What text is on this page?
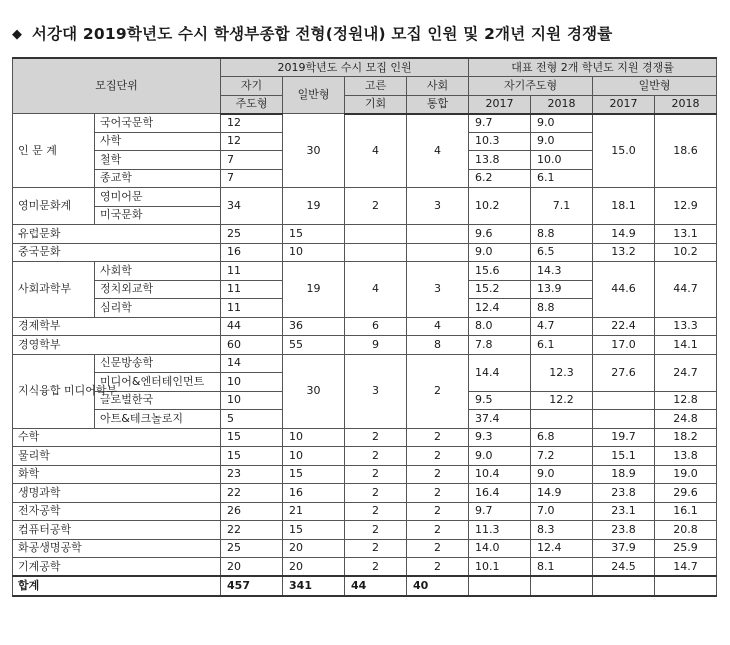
◆ 서강대 2019학년도 수시 학생부종합 전형(정원내) 모집 인원 및 2개년 지원 경쟁률
모집단위		2019학년도 수시 모집 인원				대표 전형 2개 학년도 지원 경쟁률			
		자기	일반형	고른	사회	자기주도형		일반형	
		주도형		기회	통합	2017	2018	2017	2018
인 문 계	국어국문학	12	30	4	4	9.7	9.0	15.0	18.6
	사학	12				10.3	9.0		
	철학	7				13.8	10.0		
	종교학	7				6.2	6.1		
영미문화계	영미어문	34	19	2	3	10.2	7.1	18.1	12.9
	미국문화								
유럽문화		25	15			9.6	8.8	14.9	13.1
중국문화		16	10			9.0	6.5	13.2	10.2
사회과학부	사회학	11	19	4	3	15.6	14.3	44.6	44.7
	정치외교학	11				15.2	13.9		
	심리학	11				12.4	8.8		
경제학부		44	36	6	4	8.0	4.7	22.4	13.3
경영학부		60	55	9	8	7.8	6.1	17.0	14.1
지식융합 미디어학부	신문방송학	14	30	3	2	14.4	12.3	27.6	24.7
	미디어&엔터테인먼트	10							
	글로벌한국	10				9.5	12.2		12.8
	아트&테크놀로지	5				37.4			24.8
수학		15	10	2	2	9.3	6.8	19.7	18.2
물리학		15	10	2	2	9.0	7.2	15.1	13.8
화학		23	15	2	2	10.4	9.0	18.9	19.0
생명과학		22	16	2	2	16.4	14.9	23.8	29.6
전자공학		26	21	2	2	9.7	7.0	23.1	16.1
컴퓨터공학		22	15	2	2	11.3	8.3	23.8	20.8
화공생명공학		25	20	2	2	14.0	12.4	37.9	25.9
기계공학		20	20	2	2	10.1	8.1	24.5	14.7
합계		457	341	44	40				
